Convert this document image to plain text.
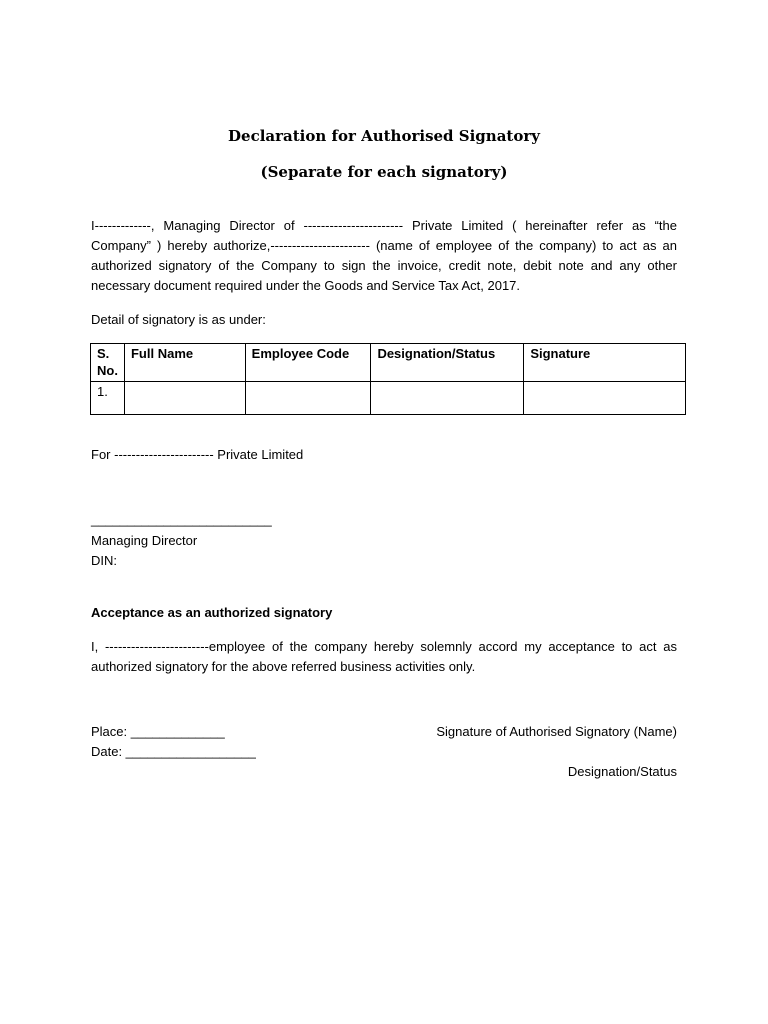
Declaration for Authorised Signatory
(Separate for each signatory)
I-------------, Managing Director of ----------------------- Private Limited ( hereinafter refer as “the Company” ) hereby authorize,----------------------- (name of employee of the company) to act as an authorized signatory of the Company to sign the invoice, credit note, debit note and any other necessary document required under the Goods and Service Tax Act, 2017.
Detail of signatory is as under:
S. No.	Full Name	Employee Code	Designation/Status	Signature
1.				
For ----------------------- Private Limited
_________________________
Managing Director
DIN:
Acceptance as an authorized signatory
I, ------------------------employee of the company hereby solemnly accord my acceptance to act as authorized signatory for the above referred business activities only.
Place: _____________
Date: __________________
Signature of Authorised Signatory (Name)
Designation/Status
